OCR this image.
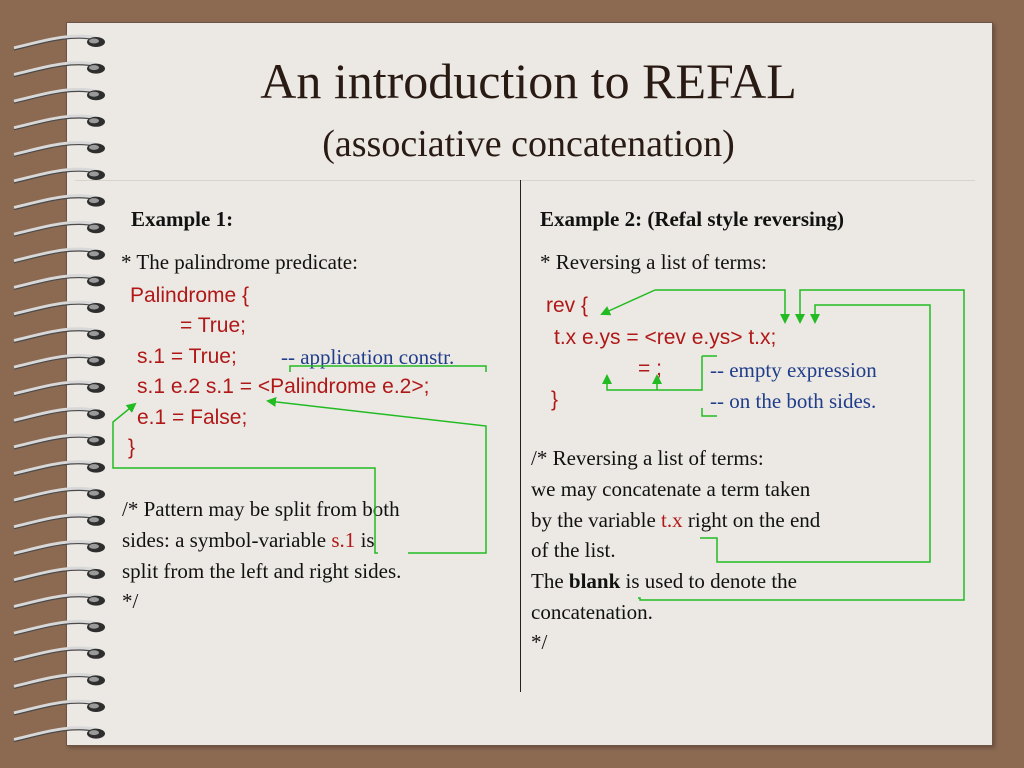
An introduction to REFAL
(associative concatenation)
Example 1:
* The palindrome predicate:
Palindrome {
= True;
s.1 = True; -- application constr.
s.1 e.2 s.1 = <Palindrome e.2>;
e.1 = False;
}
/* Pattern may be split from both
sides: a symbol-variable s.1 is
split from the left and right sides.
*/
Example 2: (Refal style reversing)
* Reversing a list of terms:
rev {
t.x e.ys = <rev e.ys> t.x;
= ;
}
-- empty expression
-- on the both sides.
/* Reversing a list of terms:
we may concatenate a term taken
by the variable t.x right on the end
of the list.
The blank is used to denote the
concatenation.
*/
